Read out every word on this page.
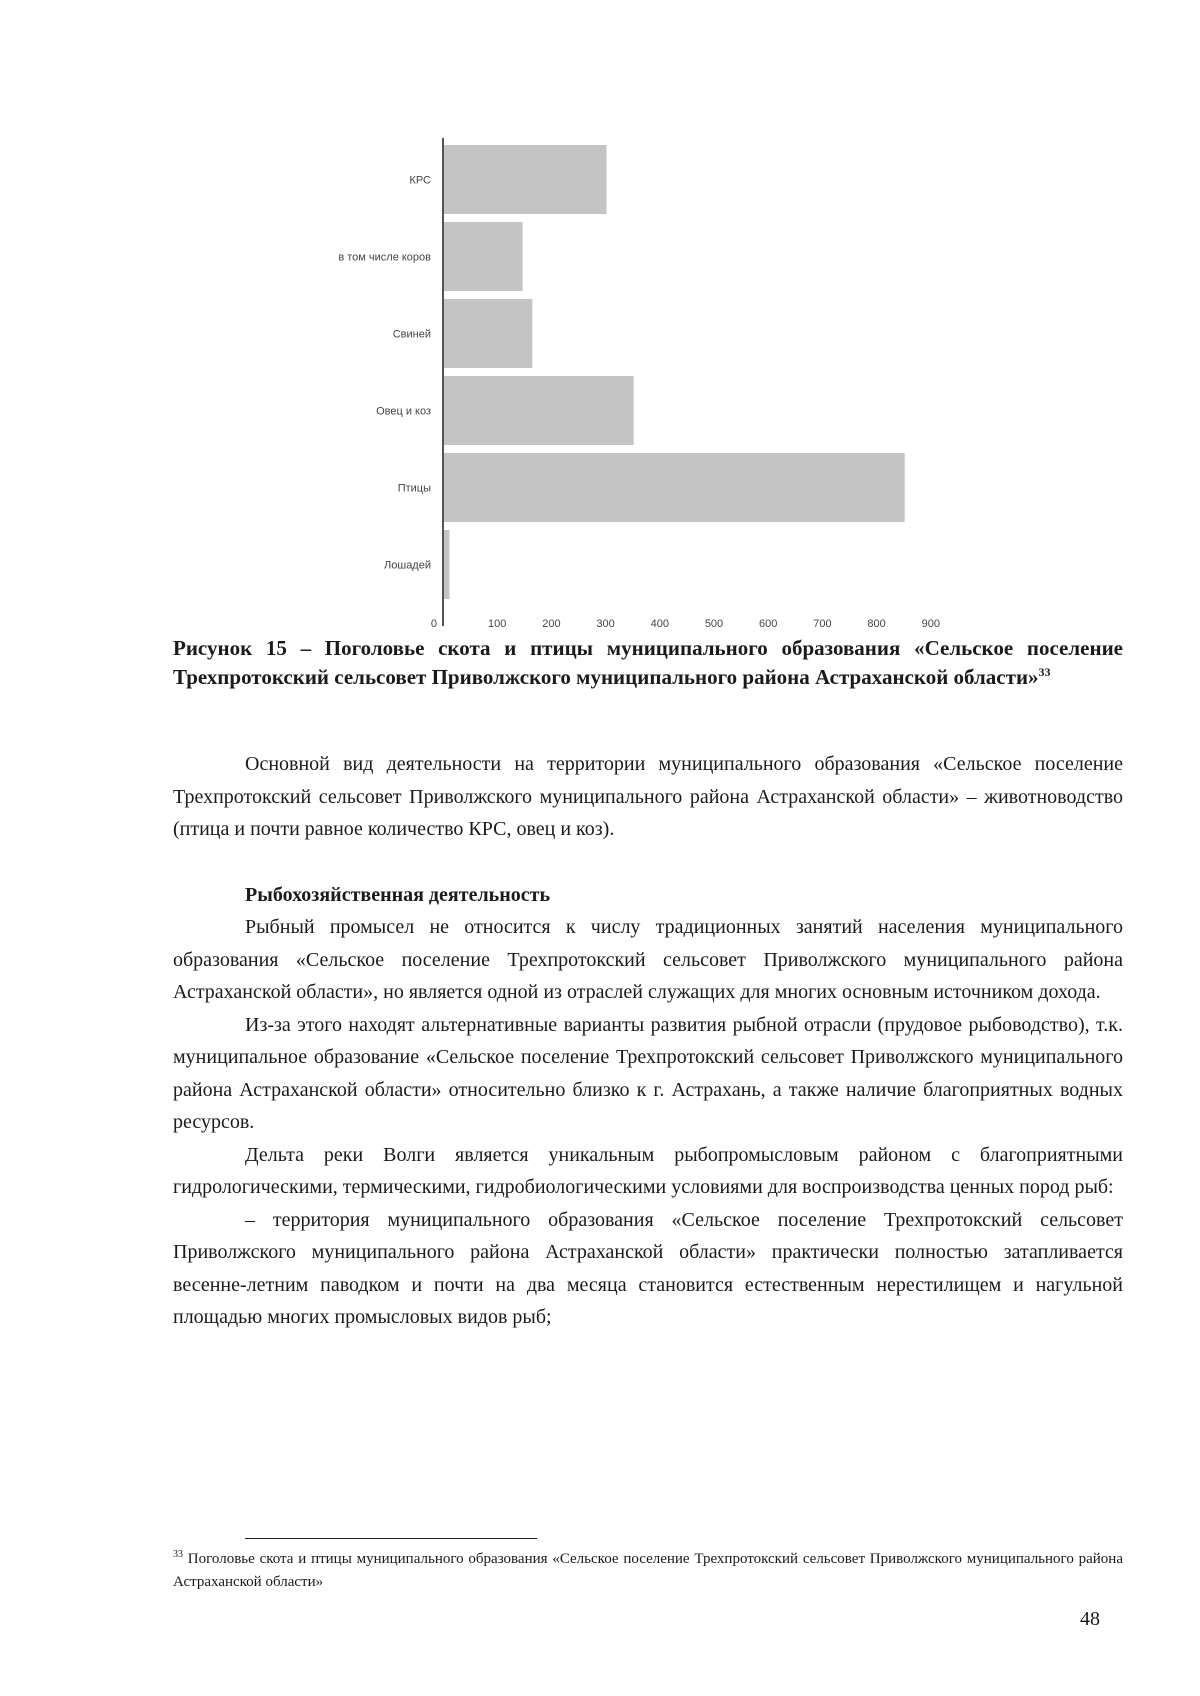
КРС
в том числе коров
Свиней
Овец и коз
Птицы
Лошадей
0	100	200	300	400	500	600	700	800	900
Рисунок 15 – Поголовье скота и птицы муниципального образования «Сельское поселение Трехпротокский сельсовет Приволжского муниципального района Астраханской области»$^{33}$

Основной вид деятельности на территории муниципального образования «Сельское поселение Трехпротокский сельсовет Приволжского муниципального района Астраханской области» – животноводство (птица и почти равное количество КРС, овец и коз).

Рыбохозяйственная деятельность

Рыбный промысел не относится к числу традиционных занятий населения муниципального образования «Сельское поселение Трехпротокский сельсовет Приволжского муниципального района Астраханской области», но является одной из отраслей служащих для многих основным источником дохода.

Из-за этого находят альтернативные варианты развития рыбной отрасли (прудовое рыбоводство), т.к. муниципальное образование «Сельское поселение Трехпротокский сельсовет Приволжского муниципального района Астраханской области» относительно близко к г. Астрахань, а также наличие благоприятных водных ресурсов.

Дельта реки Волги является уникальным рыбопромысловым районом с благоприятными гидрологическими, термическими, гидробиологическими условиями для воспроизводства ценных пород рыб:

– территория муниципального образования «Сельское поселение Трехпротокский сельсовет Приволжского муниципального района Астраханской области» практически полностью затапливается весенне-летним паводком и почти на два месяца становится естественным нерестилищем и нагульной площадью многих промысловых видов рыб;

$^{33}$ Поголовье скота и птицы муниципального образования «Сельское поселение Трехпротокский сельсовет Приволжского муниципального района Астраханской области»
48
